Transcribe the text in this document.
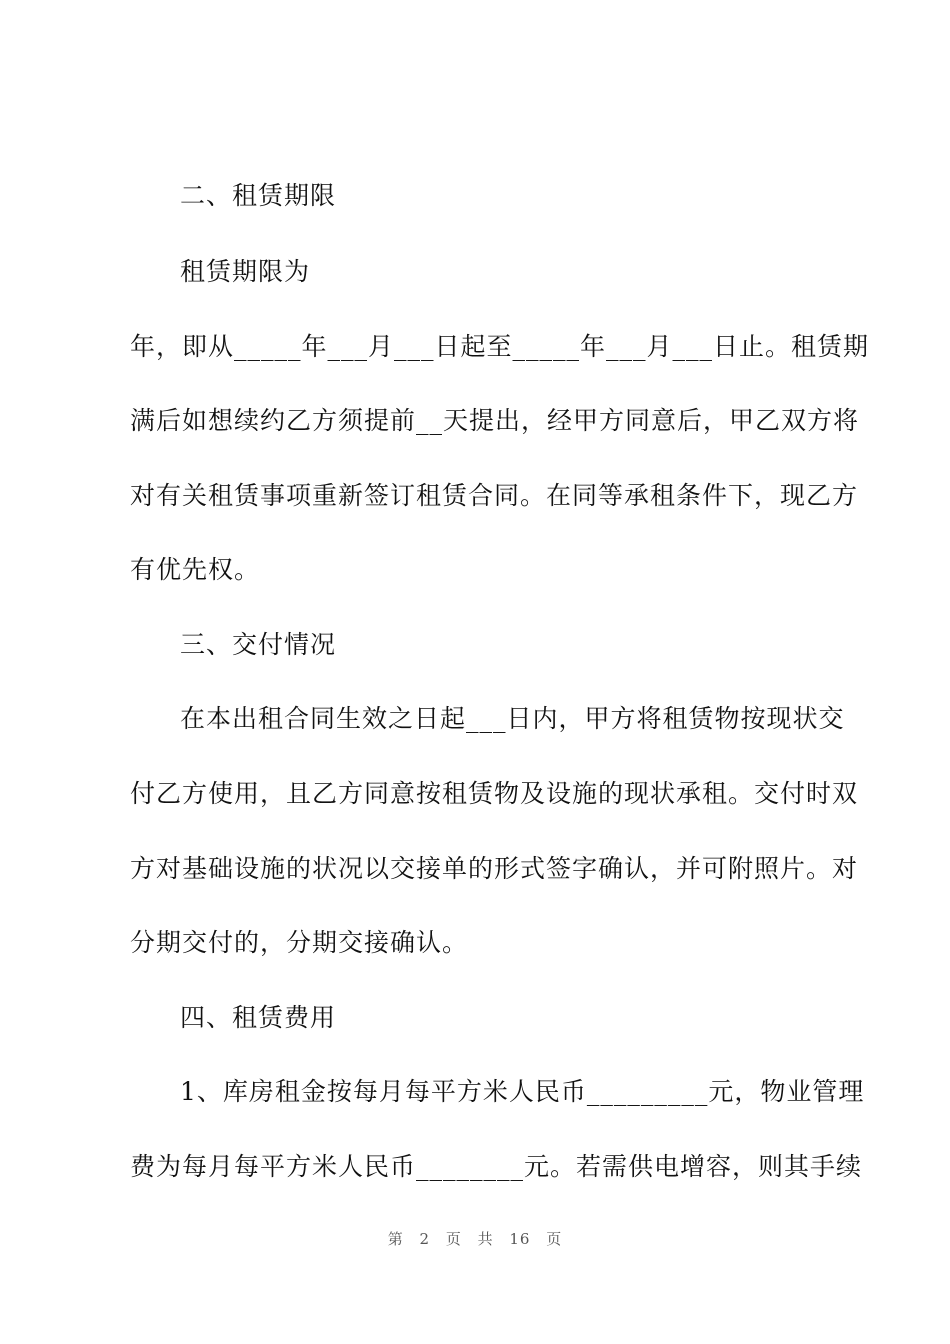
二、租赁期限
租赁期限为
年，即从_____年___月___日起至_____年___月___日止。租赁期
满后如想续约乙方须提前__天提出，经甲方同意后，甲乙双方将
对有关租赁事项重新签订租赁合同。在同等承租条件下，现乙方
有优先权。
三、交付情况
在本出租合同生效之日起___日内，甲方将租赁物按现状交
付乙方使用，且乙方同意按租赁物及设施的现状承租。交付时双
方对基础设施的状况以交接单的形式签字确认，并可附照片。对
分期交付的，分期交接确认。
四、租赁费用
1、库房租金按每月每平方米人民币_________元，物业管理
费为每月每平方米人民币________元。若需供电增容，则其手续
第 2 页 共 16 页
